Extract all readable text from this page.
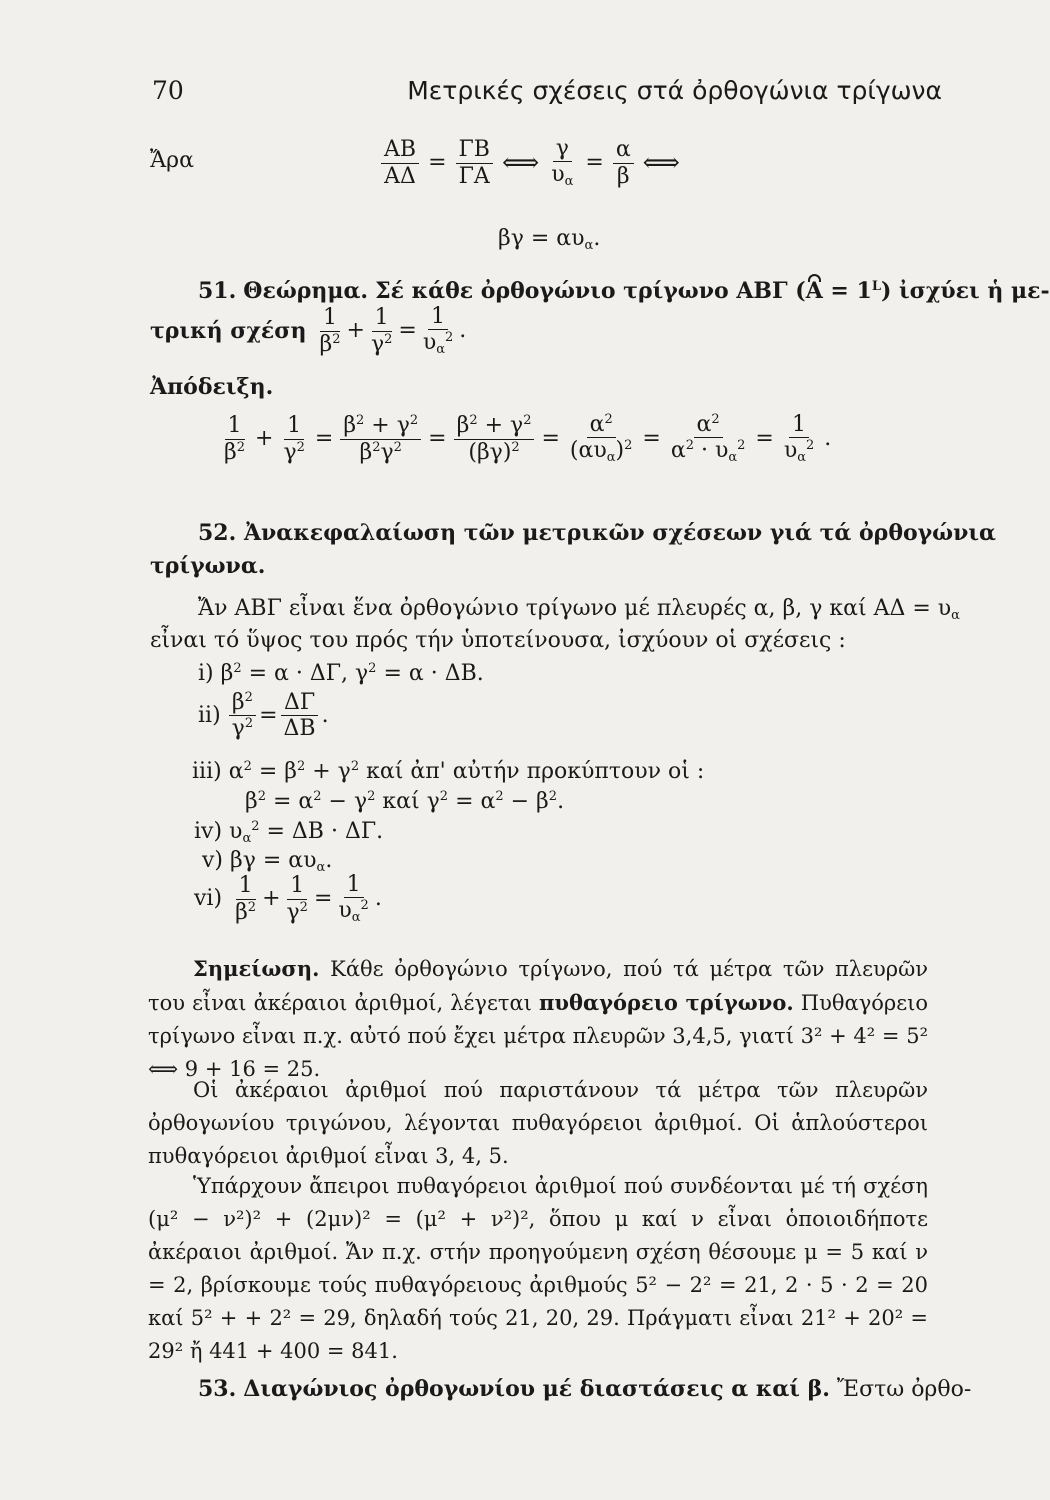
70	Μετρικές σχέσεις στά ὀρθογώνια τρίγωνα
Ἄρα	$\frac{AB}{A\Delta} = \frac{\Gamma B}{\Gamma A}$ ⟺ $\frac{\gamma}{\upsilon_\alpha} = \frac{\alpha}{\beta}$ ⟺
$\beta\gamma = \alpha\upsilon_\alpha$.
51. Θεώρημα. Σέ κάθε ὀρθογώνιο τρίγωνο ΑΒΓ $(A = 1^L)$ ἰσχύει ἡ με-
τρική σχέση $\frac{1}{\beta^2} + \frac{1}{\gamma^2} = \frac{1}{\upsilon_\alpha^2}$ .
Ἀπόδειξη.
$\frac{1}{\beta^2} + \frac{1}{\gamma^2} = \frac{\beta^2 + \gamma^2}{\beta^2\gamma^2} = \frac{\beta^2 + \gamma^2}{(\beta\gamma)^2} = \frac{\alpha^2}{(\alpha\upsilon_\alpha)^2} = \frac{\alpha^2}{\alpha^2 \cdot \upsilon_\alpha^2} = \frac{1}{\upsilon_\alpha^2}$ .
52. Ἀνακεφαλαίωση τῶν μετρικῶν σχέσεων γιά τά ὀρθογώνια
τρίγωνα.
Ἄν ΑΒΓ εἶναι ἕνα ὀρθογώνιο τρίγωνο μέ πλευρές α, β, γ καί $A\Delta = \upsilon_\alpha$
εἶναι τό ὕψος του πρός τήν ὑποτείνουσα, ἰσχύουν οἱ σχέσεις :
i) $\beta^2 = \alpha \cdot \Delta\Gamma$, $\gamma^2 = \alpha \cdot \Delta B$.
$ii) \frac{\beta^2}{\gamma^2} = \frac{\Delta\Gamma}{\Delta B}$ .
iii) $\alpha^2 = \beta^2 + \gamma^2$ καί ἀπ' αὐτήν προκύπτουν οἱ :
$\beta^2 = \alpha^2 - \gamma^2$ καί $\gamma^2 = \alpha^2 - \beta^2$.
iv) $\upsilon_\alpha^2 = \Delta B \cdot \Delta\Gamma$.
v) $\beta\gamma = \alpha\upsilon_\alpha$.
$vi) \frac{1}{\beta^2} + \frac{1}{\gamma^2} = \frac{1}{\upsilon_\alpha^2}$ .
Σημείωση. Κάθε ὀρθογώνιο τρίγωνο, πού τά μέτρα τῶν πλευρῶν του εἶναι ἀκέραιοι ἀριθμοί, λέγεται πυθαγόρειο τρίγωνο. Πυθαγόρειο τρίγωνο εἶναι π.χ. αὐτό πού ἔχει μέτρα πλευρῶν 3,4,5, γιατί 3² + 4² = 5² ⟺ 9 + 16 = 25.
Οἱ ἀκέραιοι ἀριθμοί πού παριστάνουν τά μέτρα τῶν πλευρῶν ὀρθογωνίου τριγώνου, λέγονται πυθαγόρειοι ἀριθμοί. Οἱ ἁπλούστεροι πυθαγόρειοι ἀριθμοί εἶναι 3, 4, 5.
Ὑπάρχουν ἄπειροι πυθαγόρειοι ἀριθμοί πού συνδέονται μέ τή σχέση (μ² − ν²)² + (2μν)² = (μ² + ν²)², ὅπου μ καί ν εἶναι ὁποιοιδήποτε ἀκέραιοι ἀριθμοί. Ἄν π.χ. στήν προηγούμενη σχέση θέσουμε μ = 5 καί ν = 2, βρίσκουμε τούς πυθαγόρειους ἀριθμούς 5² − 2² = 21, 2 · 5 · 2 = 20 καί 5² + + 2² = 29, δηλαδή τούς 21, 20, 29. Πράγματι εἶναι 21² + 20² = 29² ἤ 441 + 400 = 841.
53. Διαγώνιος ὀρθογωνίου μέ διαστάσεις α καί β. Ἔστω ὀρθο-
